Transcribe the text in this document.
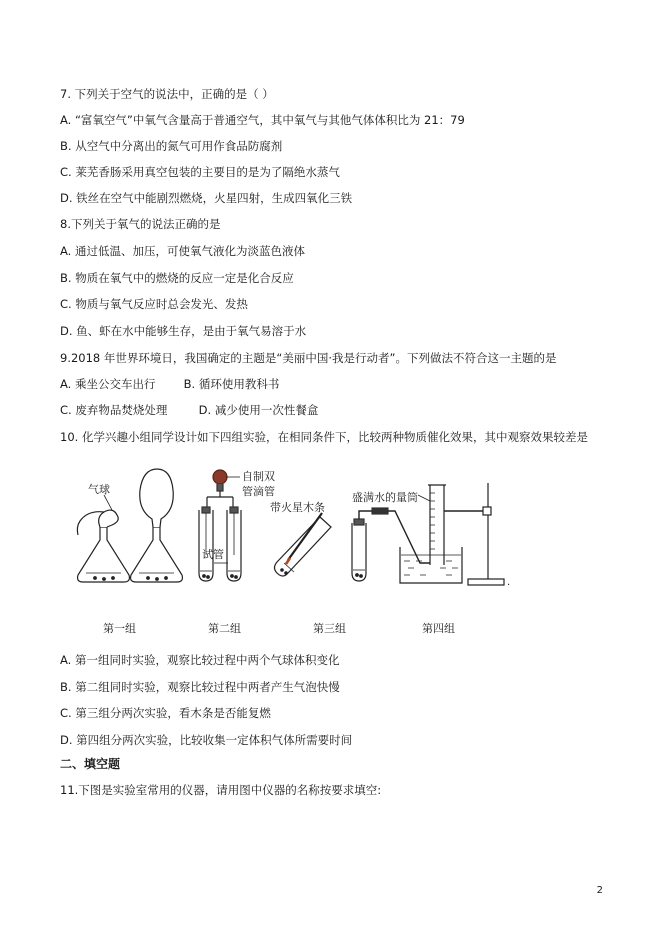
7. 下列关于空气的说法中，正确的是（ ）
A. “富氧空气”中氧气含量高于普通空气，其中氧气与其他气体体积比为 21：79
B. 从空气中分离出的氮气可用作食品防腐剂
C. 莱芜香肠采用真空包装的主要目的是为了隔绝水蒸气
D. 铁丝在空气中能剧烈燃烧，火星四射，生成四氧化三铁
8.下列关于氧气的说法正确的是
A. 通过低温、加压，可使氧气液化为淡蓝色液体
B. 物质在氧气中的燃烧的反应一定是化合反应
C. 物质与氧气反应时总会发光、发热
D. 鱼、虾在水中能够生存，是由于氧气易溶于水
9.2018 年世界环境日，我国确定的主题是“美丽中国·我是行动者”。下列做法不符合这一主题的是
A. 乘坐公交车出行 B. 循环使用教科书
C. 废弃物品焚烧处理	D. 减少使用一次性餐盒
10. 化学兴趣小组同学设计如下四组实验，在相同条件下，比较两种物质催化效果，其中观察效果较差是
气球
自制双
管滴管
试管
带火星木条
盛满水的量筒
.
第一组	第二组	第三组	第四组
A. 第一组同时实验，观察比较过程中两个气球体积变化
B. 第二组同时实验，观察比较过程中两者产生气泡快慢
C. 第三组分两次实验，看木条是否能复燃
D. 第四组分两次实验，比较收集一定体积气体所需要时间
二、填空题
11.下图是实验室常用的仪器，请用图中仪器的名称按要求填空:
2
